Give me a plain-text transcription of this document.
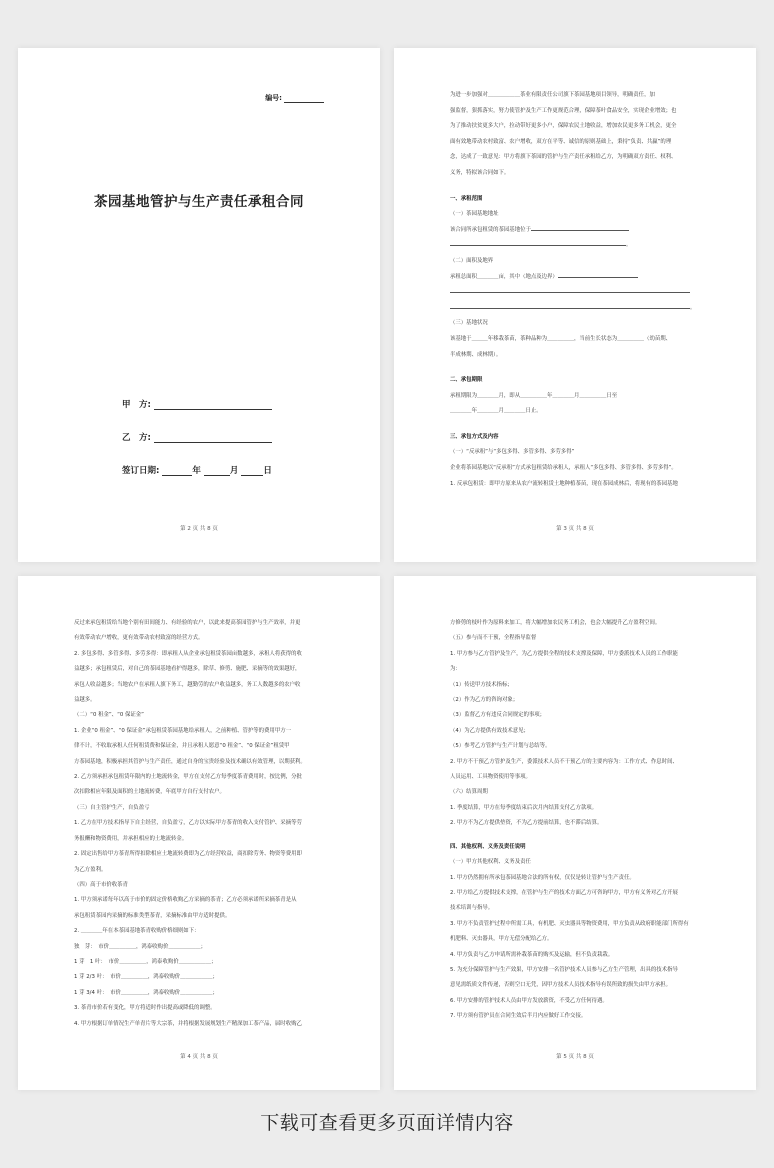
编号:
茶园基地管护与生产责任承租合同
甲　方:
乙　方:
签订日期:	年	月	日
第 2 页 共 8 页

为进一步加强对＿＿＿＿＿＿茶业有限责任公司旗下茶园基地项目领导，明确责任，加

强监督，狠抓落实，努力使管护及生产工作更规范合理，保障茶叶食品安全，实现企业增效；也

为了推动扶贫更多大户，拉动带好更多小户，保障农民土地收益，增加农民更多务工机会，更全

面有效地带动农村致富、农户增收，双方在平等、诚信的原则基础上，秉持“负责、共赢”的理

念，达成了一致意见：甲方将旗下茶园的管护与生产责任承租给乙方，为明确双方责任、权利、

义务，特拟该合同如下。

一、承租范围

（一）茶园基地地址

该合同所承包租赁的茶园基地位于

。

（二）面积及地界

承租总面积＿＿＿＿亩，其中（地点及边界）

。

（三）基地状况

该基地于＿＿＿年移栽茶苗，茶种品种为＿＿＿＿＿，当前生长状态为＿＿＿＿＿（幼苗期、

半成林期、成林期）。

二、承包期限

承租期限为＿＿＿＿月，即从＿＿＿＿＿年＿＿＿＿月＿＿＿＿＿日至

＿＿＿＿年＿＿＿＿月＿＿＿＿日止。

三、承包方式及内容

（一）“反承租”与“多包多得、多管多得、多劳多得”

企业将茶园基地以“反承租”方式承包租赁给承租人，承租人“多包多得、多管多得、多劳多得”。

1. 反承包租赁：即甲方原来从农户流转租赁土地种植茶苗，现在茶园成林后，将现有的茶园基地

第 3 页 共 8 页

反过来承包租赁给当地个别有田间能力、有经验的农户，以此来提高茶园管护与生产效率，并更

有效带动农户增收，更有效带动农村致富的经营方式。

2. 多包多得、多管多得、多劳多得：即承租人从企业承包租赁茶园亩数越多，承租人将获得的收

益越多；承包租赁后，对自己的茶园基地看护得越多，除草、修剪、施肥、采摘等的效果越好，

承包人收益越多；当地农户在承租人旗下务工，越勤劳的农户收益越多，务工人数越多的农户收

益越多。

（二）“0 租金”、“0 保证金”

1. 企业“0 租金”、“0 保证金”承包租赁茶园基地给承租人，之前种植、管护等的费用甲方一

律不计，不收取承租人任何租赁费和保证金，并且承租人愿意“0 租金”、“0 保证金”租赁甲

方茶园基地，积极承担其管护与生产责任，通过自身的宝贵经验及技术确以有效管理，以期获利。

2. 乙方须承担承包租赁年限内的土地流转金，甲方在支付乙方每季度茶青费用时，按比例，分批

次扣除相应年限及面积的土地流转费，年底甲方自行支付农户。

（三）自主管护生产，自负盈亏

1. 乙方在甲方技术指导下自主经营，自负盈亏，乙方以实际甲方茶青的收入支付管护、采摘等劳

务报酬和物资费用，并承担相应的土地流转金。

2. 固定出售给甲方茶青所得扣除相应土地流转费即为乙方经营收益，商扣除劳务、物资等费用即

为乙方盈利。

（四）高于市价收茶青

1. 甲方须承诺每年以高于市价的固定价格收购乙方采摘的茶青；乙方必须承诺所采摘茶青是从

承包租赁茶园内采摘的标准类型茶青，采摘标准由甲方适时提供。

2. ＿＿＿＿年在本茶园基地茶青收购价格细则如下：

独　芽：　市价＿＿＿＿＿，鸿泰收购价＿＿＿＿＿＿；

1 芽　1 叶：　市价＿＿＿＿＿，鸿泰收购价＿＿＿＿＿＿；

1 芽 2/3 叶：　市价＿＿＿＿＿，鸿泰收购价＿＿＿＿＿＿；

1 芽 3/4 叶：　市价＿＿＿＿＿，鸿泰收购价＿＿＿＿＿＿；

3. 茶青市价若有变化，甲方将适时作出提高或降低的调整。

4. 甲方根据订单情况生产单青片等大宗茶，并将根据发展规划生产精深加工茶产品，届时收购乙

第 4 页 共 8 页

方修剪的枝叶作为原料来加工，将大幅增加农民务工机会，也会大幅提升乙方盈利空间。

（五）参与而不干预，全程指导监督

1. 甲方参与乙方管护及生产，为乙方提供全程的技术支撑及保障，甲方委派技术人员的工作职能

为：

（1）传送甲方技术指标；

（2）作为乙方的咨询对象；

（3）监督乙方有违反合同规定的事项；

（4）为乙方提供有效技术意见；

（5）参考乙方管护与生产计划与总结等。

2. 甲方不干预乙方管护及生产，委派技术人员不干预乙方的主要内容为：工作方式、作息时间、

人员运用、工具物资使用等事项。

（六）结算周期

1. 季度结算，甲方在每季度结束后次月内结算支付乙方款项。

2. 甲方不为乙方提供垫资，不为乙方提前结算，也不滞后结算。

四、其他权利、义务及责任说明

（一）甲方其他权利、义务及责任

1. 甲方仍然拥有所承包茶园基地合法的所有权，仅仅是转让管护与生产责任。

2. 甲方给乙方提供技术支撑，在管护与生产的技术方面乙方可咨询甲方，甲方有义务对乙方开展

技术培训与指导。

3. 甲方不负责管护过程中所需工具，有机肥、灭虫器具等物资费用，甲方负责从政府职能部门所得有

机肥料、灭虫器具，甲方无偿分配给乙方。

4. 甲方负责与乙方申请所需补栽茶苗的购买及运输，但不负责栽栽。

5. 为充分保障管护与生产效果，甲方安排一名管护技术人员参与乙方生产管理，出具的技术指导

意见需纸质文件传递，否则空口无凭，因甲方技术人员技术指导有误所致的损失由甲方承担。

6. 甲方安排的管护技术人员由甲方发放薪资，不受乙方任何待遇。

7. 甲方须有管护员在合同生效后半月内应做好工作交接。

第 5 页 共 8 页
下载可查看更多页面详情内容
